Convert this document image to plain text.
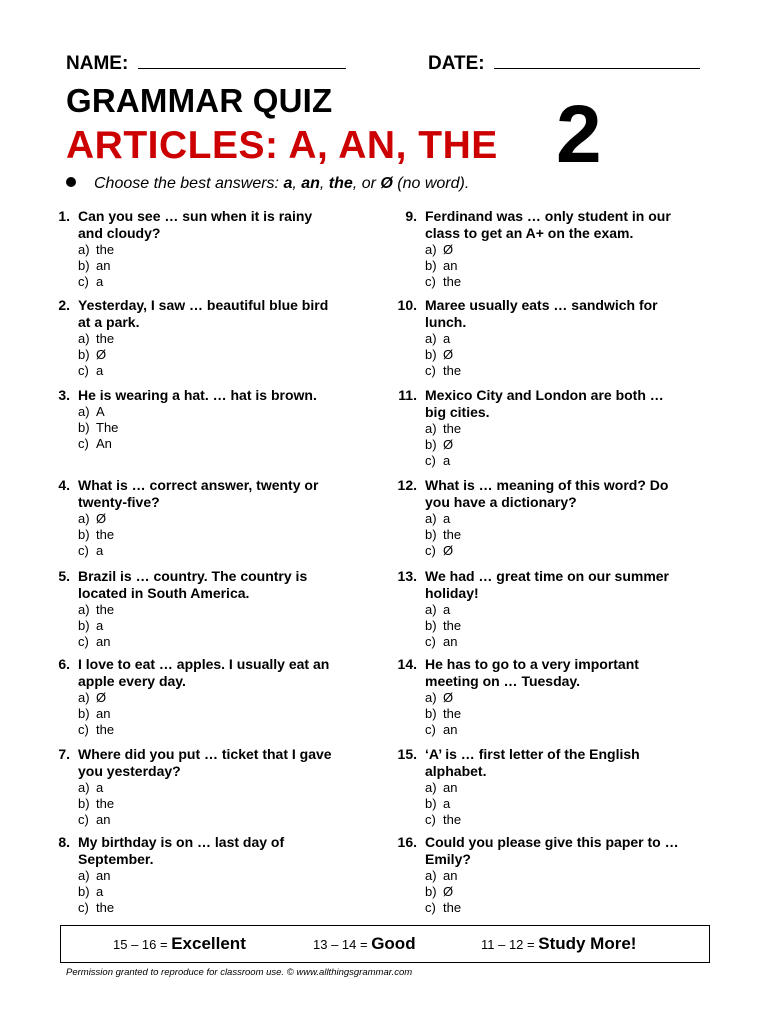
NAME:	DATE:
GRAMMAR QUIZ
ARTICLES: A, AN, THE 2
Choose the best answers: a, an, the, or Ø (no word).
1. Can you see … sun when it is rainy and cloudy?
a) the
b) an
c) a
2. Yesterday, I saw … beautiful blue bird at a park.
a) the
b) Ø
c) a
3. He is wearing a hat. … hat is brown.
a) A
b) The
c) An
4. What is … correct answer, twenty or twenty-five?
a) Ø
b) the
c) a
5. Brazil is … country. The country is located in South America.
a) the
b) a
c) an
6. I love to eat … apples. I usually eat an apple every day.
a) Ø
b) an
c) the
7. Where did you put … ticket that I gave you yesterday?
a) a
b) the
c) an
8. My birthday is on … last day of September.
a) an
b) a
c) the
9. Ferdinand was … only student in our class to get an A+ on the exam.
a) Ø
b) an
c) the
10. Maree usually eats … sandwich for lunch.
a) a
b) Ø
c) the
11. Mexico City and London are both … big cities.
a) the
b) Ø
c) a
12. What is … meaning of this word? Do you have a dictionary?
a) a
b) the
c) Ø
13. We had … great time on our summer holiday!
a) a
b) the
c) an
14. He has to go to a very important meeting on … Tuesday.
a) Ø
b) the
c) an
15. ‘A’ is … first letter of the English alphabet.
a) an
b) a
c) the
16. Could you please give this paper to … Emily?
a) an
b) Ø
c) the
15 – 16 = Excellent	13 – 14 = Good	11 – 12 = Study More!
Permission granted to reproduce for classroom use. © www.allthingsgrammar.com
